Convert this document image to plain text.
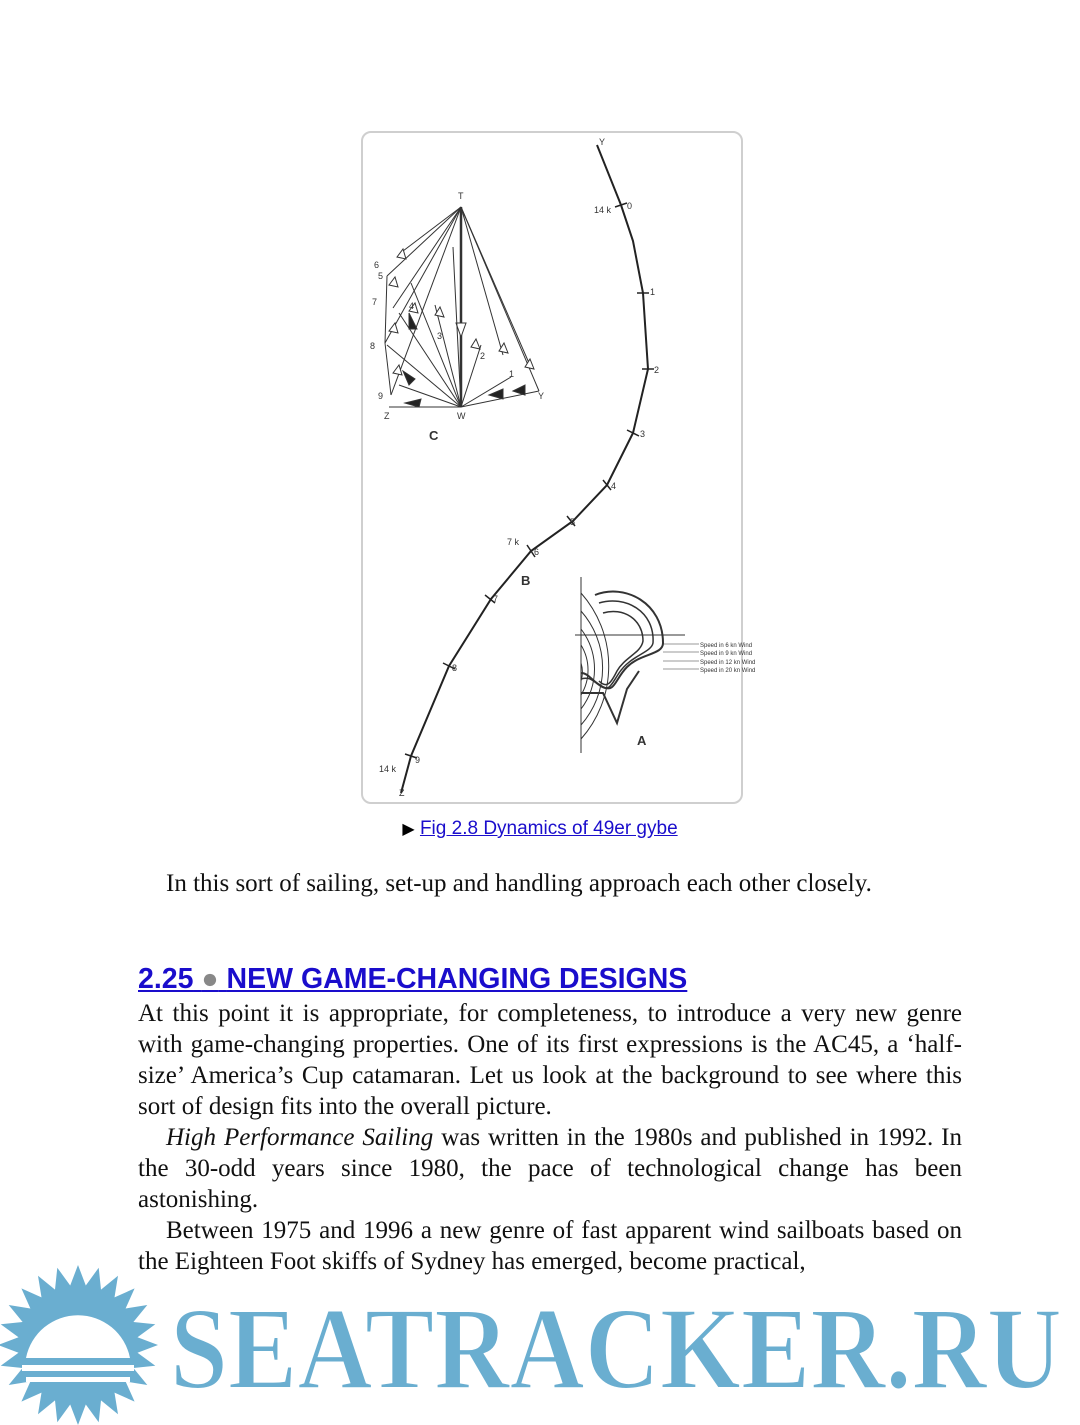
T
W
Y
Z
6
5
7	4
3
8
2
1
9
C
Y
0
14 k
1
2
3
4
5
7 k
6
7
8
9
14 k
Z
B
Speed in 6 kn Wind
Speed in 9 kn Wind
Speed in 12 kn Wind
Speed in 20 kn Wind
A
▶ Fig 2.8 Dynamics of 49er gybe
In this sort of sailing, set-up and handling approach each other closely.
2.25 ● NEW GAME-CHANGING DESIGNS

At this point it is appropriate, for completeness, to introduce a very new genre with game-changing properties. One of its first expressions is the AC45, a ‘half-size’ America’s Cup catamaran. Let us look at the background to see where this sort of design fits into the overall picture.

High Performance Sailing was written in the 1980s and published in 1992. In the 30-odd years since 1980, the pace of technological change has been astonishing.

Between 1975 and 1996 a new genre of fast apparent wind sailboats based on the Eighteen Foot skiffs of Sydney has emerged, become practical,

SEATRACKER.RU
